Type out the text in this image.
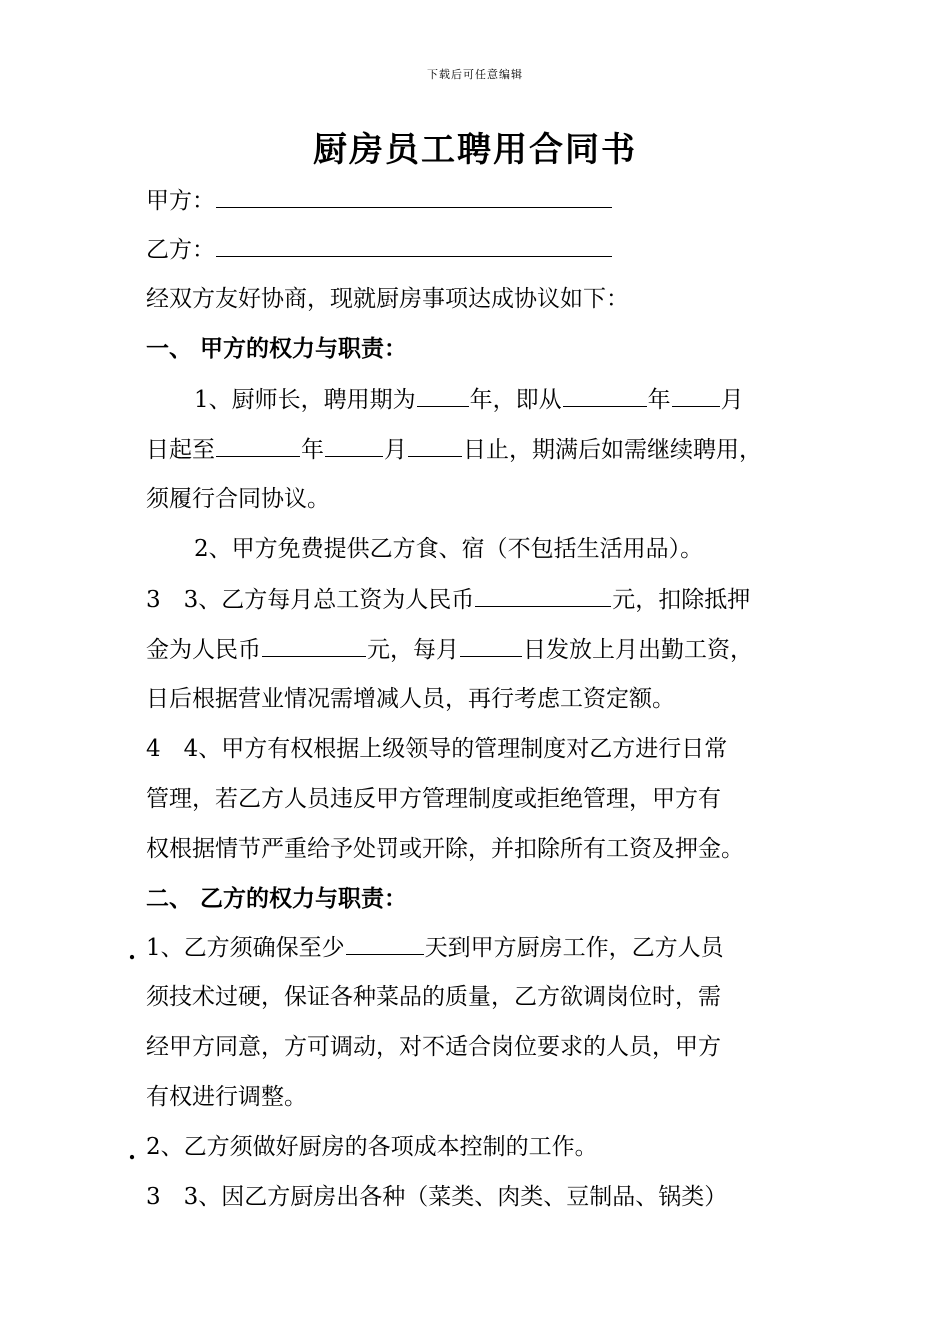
下载后可任意编辑
厨房员工聘用合同书
甲方：
乙方：
经双方友好协商，现就厨房事项达成协议如下：
一、 甲方的权力与职责：
1、厨师长，聘用期为 年，即从	年 月
日起至	年	月 日止，期满后如需继续聘用，
须履行合同协议。
2、甲方免费提供乙方食、宿（不包括生活用品）。
3　3、乙方每月总工资为人民币	元，扣除抵押
金为人民币	元，每月	日发放上月出勤工资，
日后根据营业情况需增减人员，再行考虑工资定额。
4　4、甲方有权根据上级领导的管理制度对乙方进行日常
管理，若乙方人员违反甲方管理制度或拒绝管理，甲方有
权根据情节严重给予处罚或开除，并扣除所有工资及押金。
二、 乙方的权力与职责：
. 1、乙方须确保至少	天到甲方厨房工作，乙方人员
须技术过硬，保证各种菜品的质量，乙方欲调岗位时，需
经甲方同意，方可调动，对不适合岗位要求的人员，甲方
有权进行调整。
. 2、乙方须做好厨房的各项成本控制的工作。
3　3、因乙方厨房出各种（菜类、肉类、豆制品、锅类）
